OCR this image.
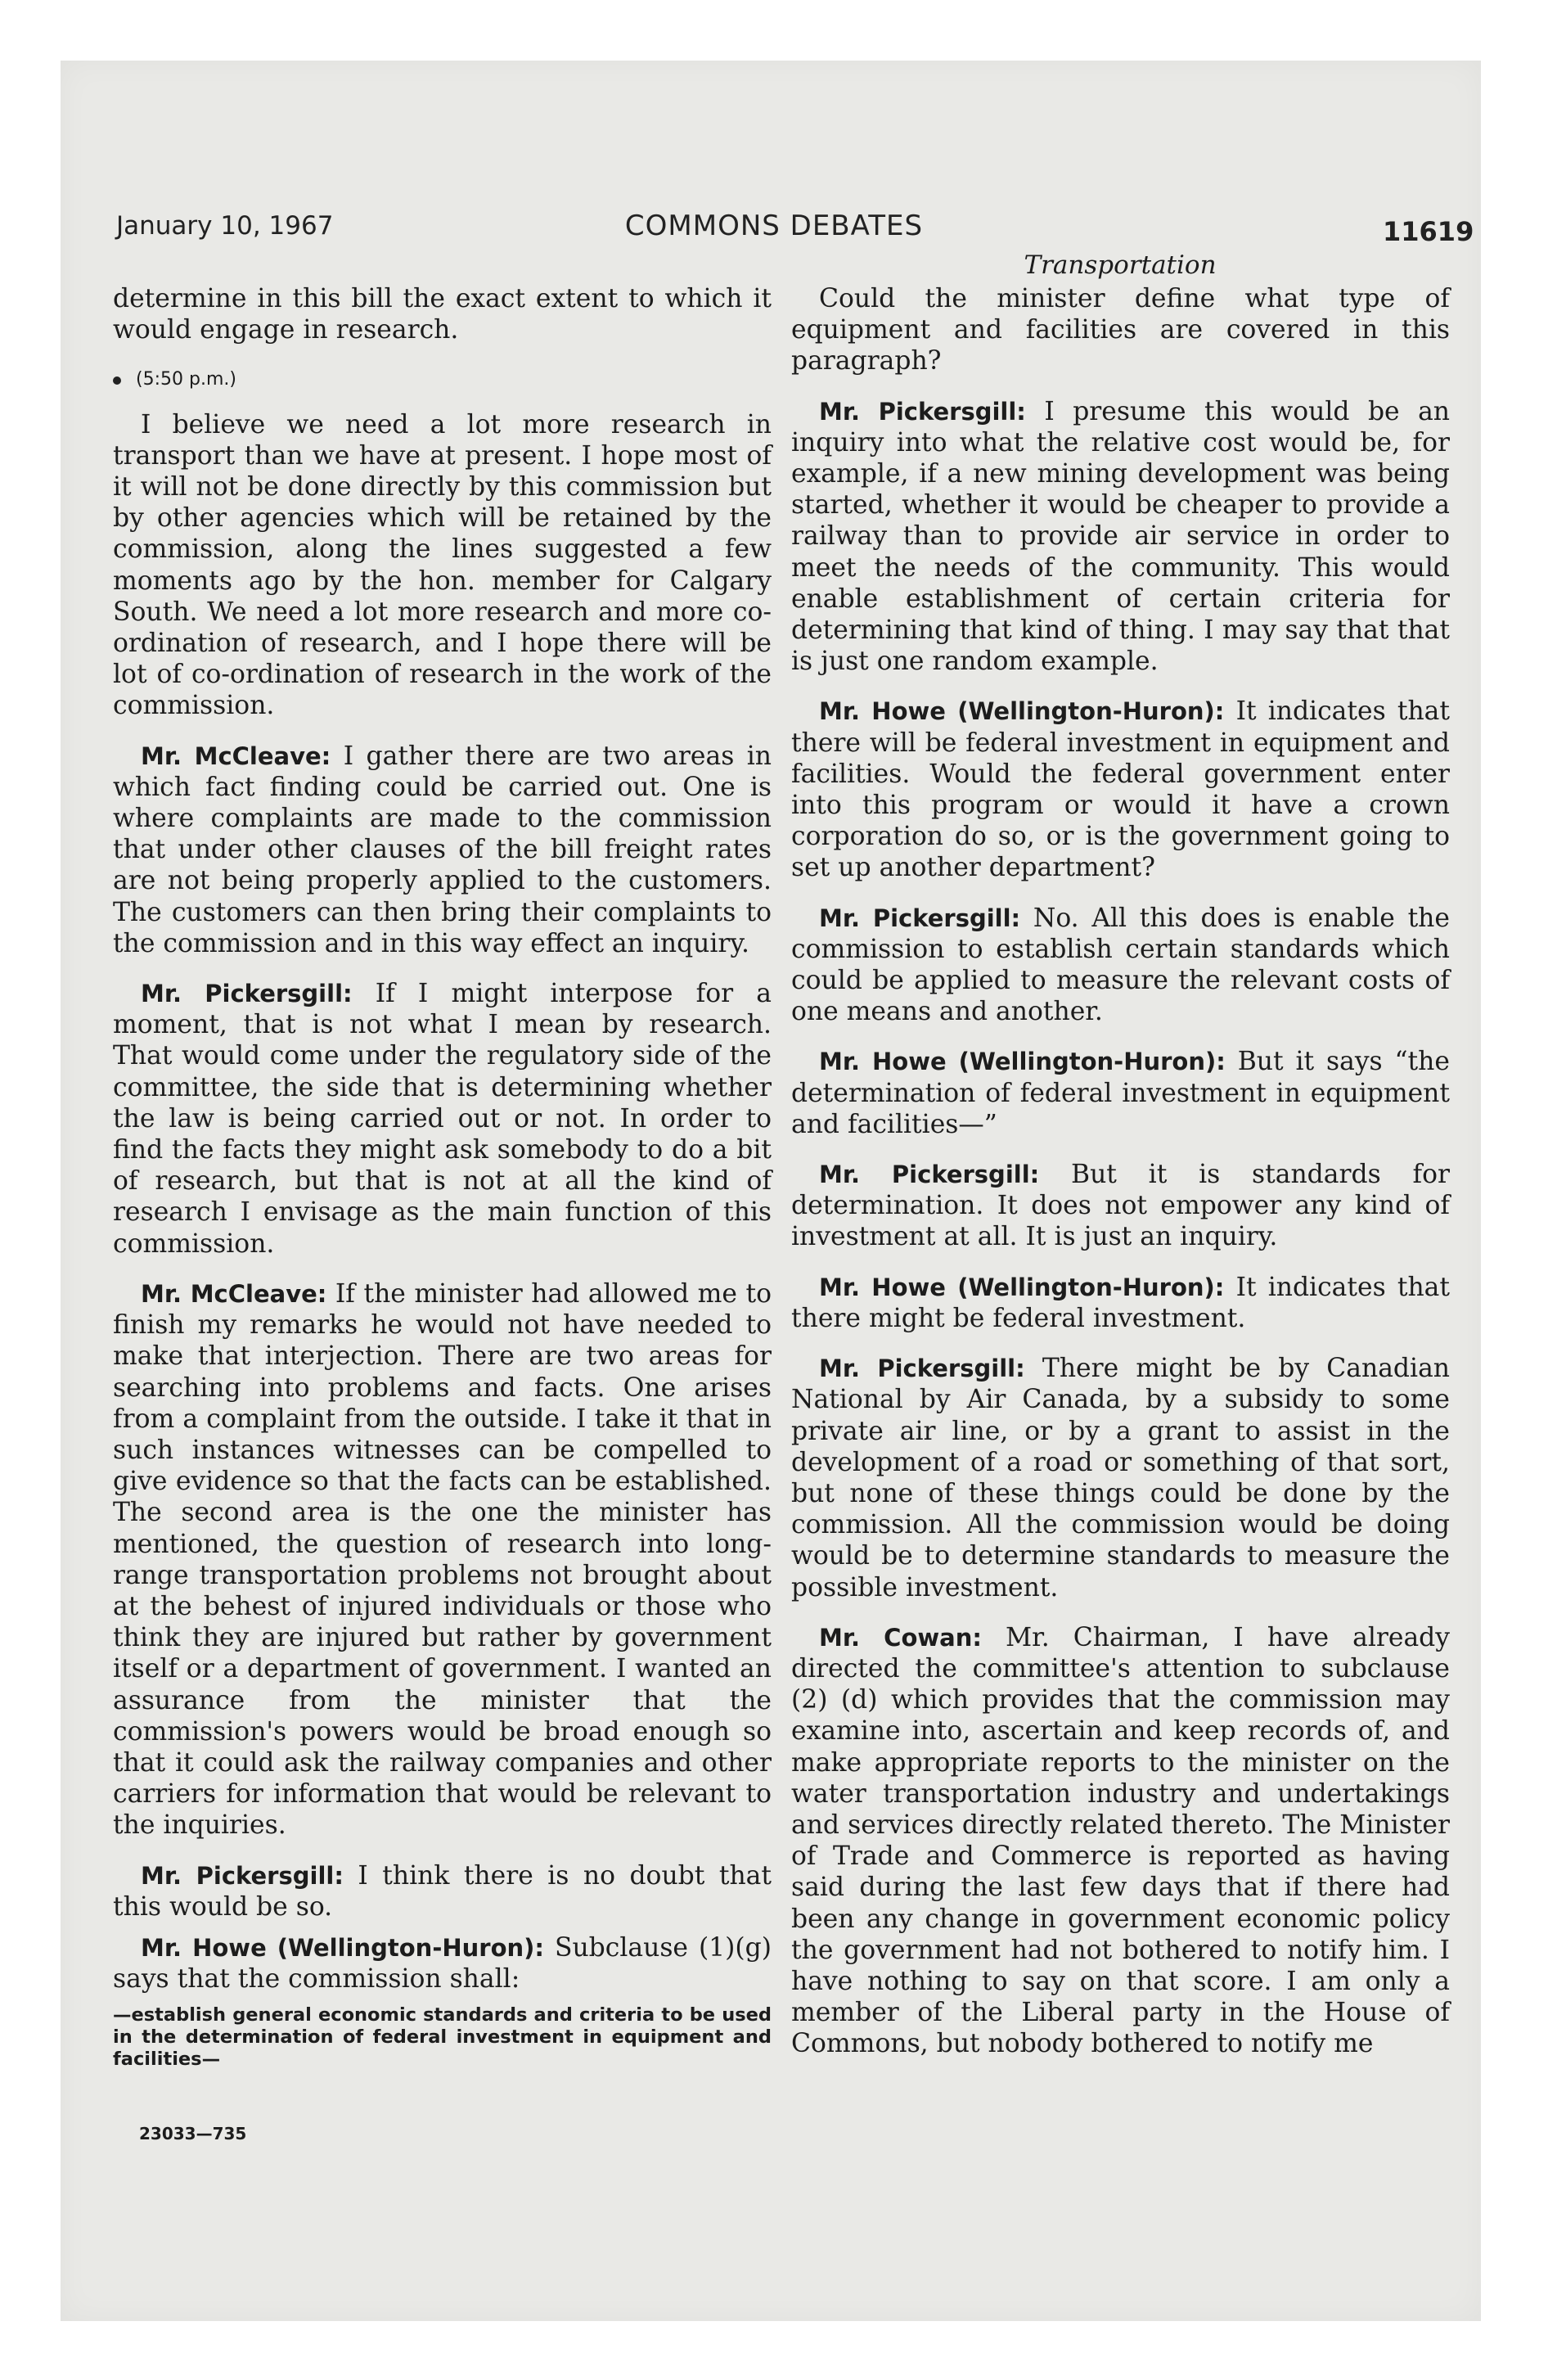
January 10, 1967	COMMONS DEBATES	11619
Transportation

determine in this bill the exact extent to which it would engage in research.

(5:50 p.m.)

I believe we need a lot more research in transport than we have at present. I hope most of it will not be done directly by this commission but by other agencies which will be retained by the commission, along the lines suggested a few moments ago by the hon. member for Calgary South. We need a lot more research and more co-ordination of research, and I hope there will be lot of co-ordination of research in the work of the commission.

Mr. McCleave: I gather there are two areas in which fact finding could be carried out. One is where complaints are made to the commission that under other clauses of the bill freight rates are not being properly applied to the customers. The customers can then bring their complaints to the commission and in this way effect an inquiry.

Mr. Pickersgill: If I might interpose for a moment, that is not what I mean by research. That would come under the regulatory side of the committee, the side that is determining whether the law is being carried out or not. In order to find the facts they might ask somebody to do a bit of research, but that is not at all the kind of research I envisage as the main function of this commission.

Mr. McCleave: If the minister had allowed me to finish my remarks he would not have needed to make that interjection. There are two areas for searching into problems and facts. One arises from a complaint from the outside. I take it that in such instances witnesses can be compelled to give evidence so that the facts can be established. The second area is the one the minister has mentioned, the question of research into long-range transportation problems not brought about at the behest of injured individuals or those who think they are injured but rather by government itself or a department of government. I wanted an assurance from the minister that the commission's powers would be broad enough so that it could ask the railway companies and other carriers for information that would be relevant to the inquiries.

Mr. Pickersgill: I think there is no doubt that this would be so.

Mr. Howe (Wellington-Huron): Subclause (1)(g) says that the commission shall:

—establish general economic standards and criteria to be used in the determination of federal investment in equipment and facilities—

23033—735

Could the minister define what type of equipment and facilities are covered in this paragraph?

Mr. Pickersgill: I presume this would be an inquiry into what the relative cost would be, for example, if a new mining development was being started, whether it would be cheaper to provide a railway than to provide air service in order to meet the needs of the community. This would enable establishment of certain criteria for determining that kind of thing. I may say that that is just one random example.

Mr. Howe (Wellington-Huron): It indicates that there will be federal investment in equipment and facilities. Would the federal government enter into this program or would it have a crown corporation do so, or is the government going to set up another department?

Mr. Pickersgill: No. All this does is enable the commission to establish certain standards which could be applied to measure the relevant costs of one means and another.

Mr. Howe (Wellington-Huron): But it says “the determination of federal investment in equipment and facilities—”

Mr. Pickersgill: But it is standards for determination. It does not empower any kind of investment at all. It is just an inquiry.

Mr. Howe (Wellington-Huron): It indicates that there might be federal investment.

Mr. Pickersgill: There might be by Canadian National by Air Canada, by a subsidy to some private air line, or by a grant to assist in the development of a road or something of that sort, but none of these things could be done by the commission. All the commission would be doing would be to determine standards to measure the possible investment.

Mr. Cowan: Mr. Chairman, I have already directed the committee's attention to subclause (2) (d) which provides that the commission may examine into, ascertain and keep records of, and make appropriate reports to the minister on the water transportation industry and undertakings and services directly related thereto. The Minister of Trade and Commerce is reported as having said during the last few days that if there had been any change in government economic policy the government had not bothered to notify him. I have nothing to say on that score. I am only a member of the Liberal party in the House of Commons, but nobody bothered to notify me
